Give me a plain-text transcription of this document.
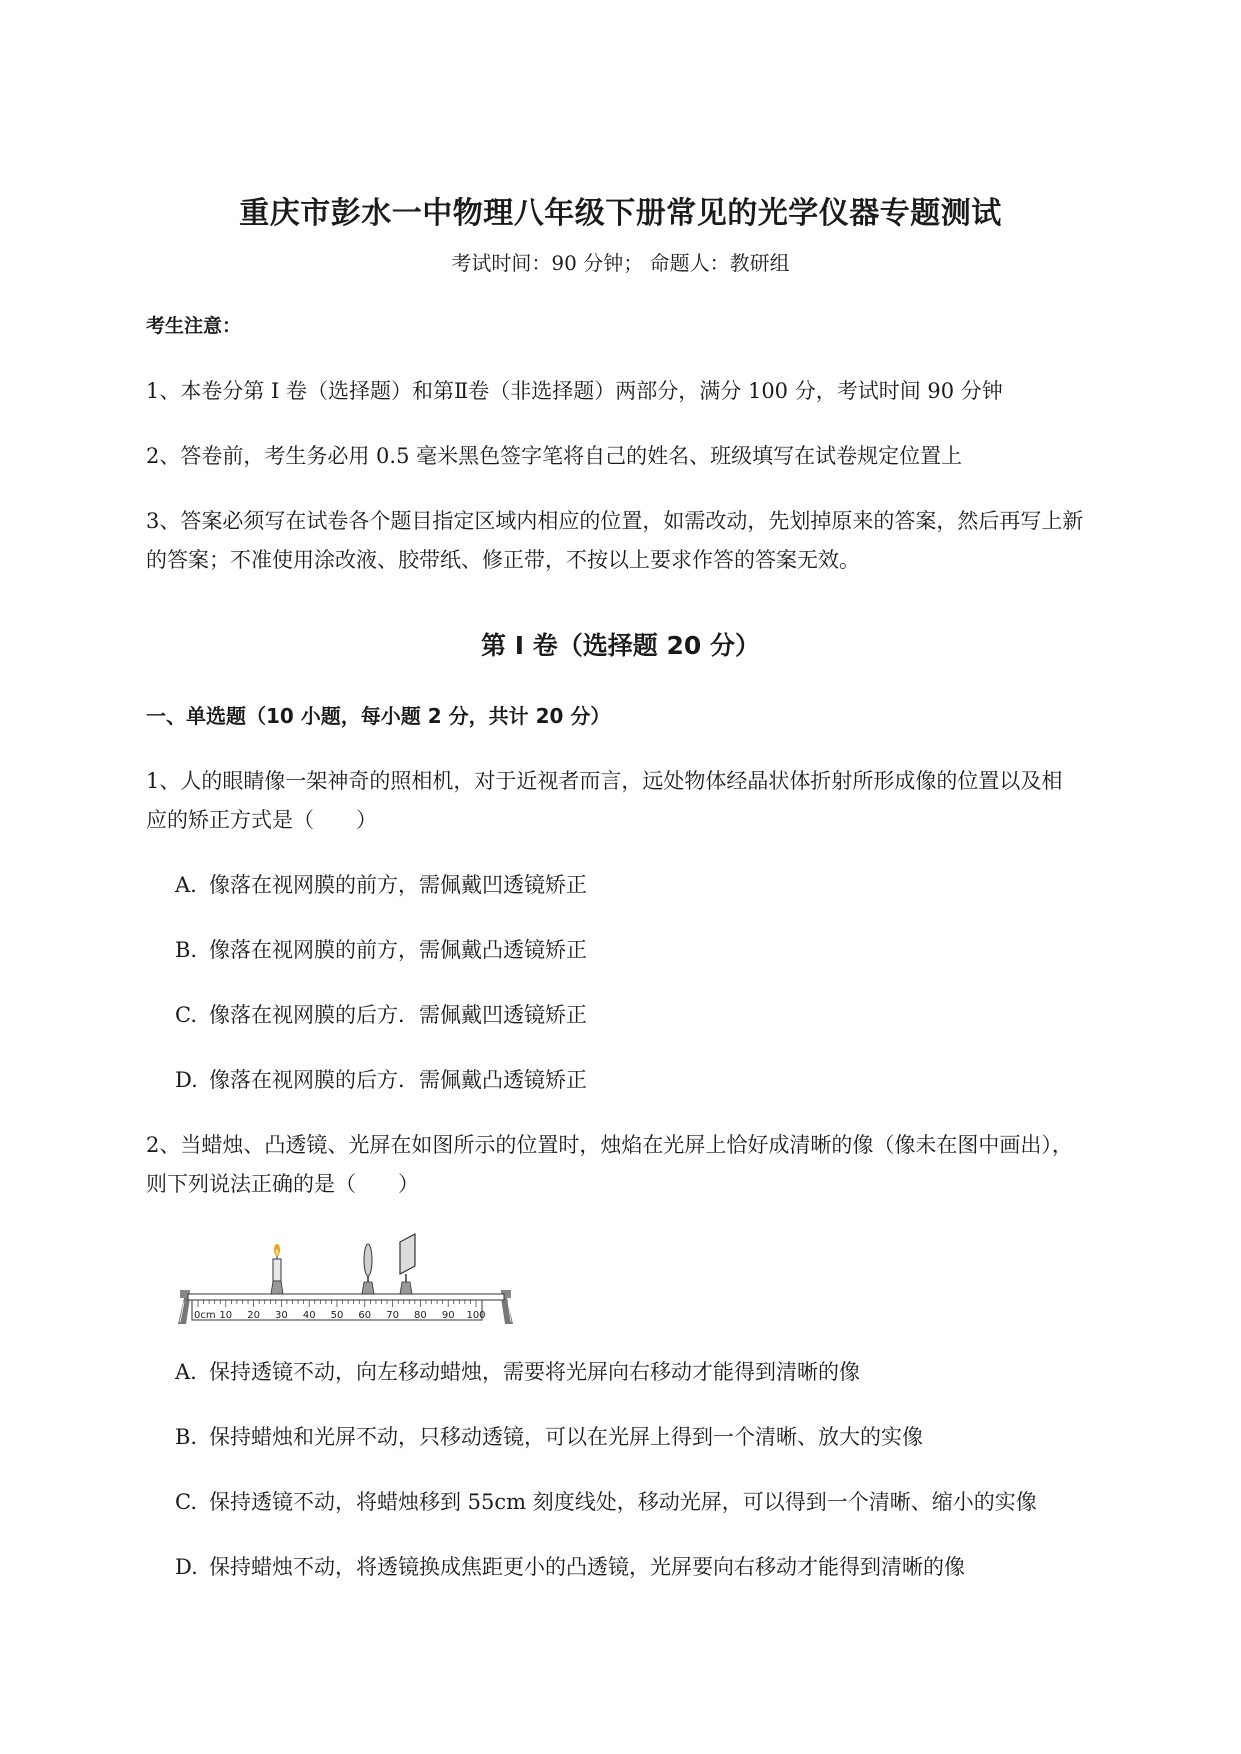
重庆市彭水一中物理八年级下册常见的光学仪器专题测试
考试时间：90 分钟； 命题人：教研组
考生注意：
1、本卷分第 I 卷（选择题）和第Ⅱ卷（非选择题）两部分，满分 100 分，考试时间 90 分钟
2、答卷前，考生务必用 0.5 毫米黑色签字笔将自己的姓名、班级填写在试卷规定位置上
3、答案必须写在试卷各个题目指定区域内相应的位置，如需改动，先划掉原来的答案，然后再写上新
的答案；不准使用涂改液、胶带纸、修正带，不按以上要求作答的答案无效。
第 I 卷（选择题 20 分）
一、单选题（10 小题，每小题 2 分，共计 20 分）
1、人的眼睛像一架神奇的照相机，对于近视者而言，远处物体经晶状体折射所形成像的位置以及相
应的矫正方式是（　　）
A. 像落在视网膜的前方，需佩戴凹透镜矫正
B. 像落在视网膜的前方，需佩戴凸透镜矫正
C. 像落在视网膜的后方．需佩戴凹透镜矫正
D. 像落在视网膜的后方．需佩戴凸透镜矫正
2、当蜡烛、凸透镜、光屏在如图所示的位置时，烛焰在光屏上恰好成清晰的像（像未在图中画出），
则下列说法正确的是（　　）
0cm 10 20 30 40 50 60 70 80 90 100
A. 保持透镜不动，向左移动蜡烛，需要将光屏向右移动才能得到清晰的像
B. 保持蜡烛和光屏不动，只移动透镜，可以在光屏上得到一个清晰、放大的实像
C. 保持透镜不动，将蜡烛移到 55cm 刻度线处，移动光屏，可以得到一个清晰、缩小的实像
D. 保持蜡烛不动，将透镜换成焦距更小的凸透镜，光屏要向右移动才能得到清晰的像
